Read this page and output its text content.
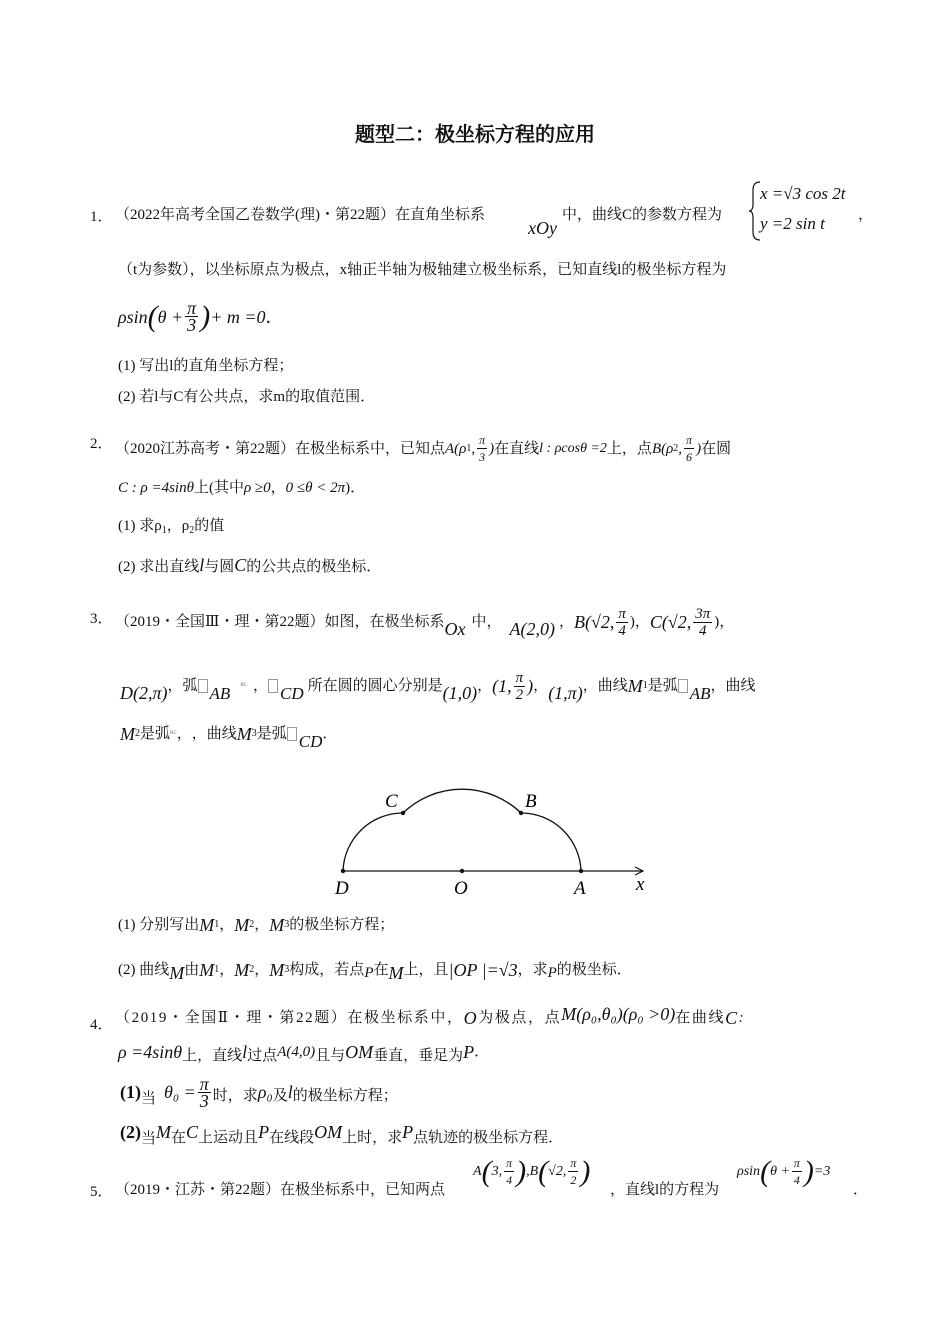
题型二：极坐标方程的应用
1． （2022年高考全国乙卷数学(理)・第22题）在直角坐标系
xOy
中，曲线C的参数方程为
x =√3 cos 2t
y =2 sin t ，
（t为参数），以坐标原点为极点，x轴正半轴为极轴建立极坐标系，已知直线l的极坐标方程为
ρsin ( $\theta + \frac{\pi}{3}$ ) + m =0 ．
(1) 写出l的直角坐标方程；
(2) 若l与C有公共点，求m的取值范围．
2． （2020江苏高考・第22题）在极坐标系中，已知点 A(ρ 1 , $\frac{\pi}{3}$ ) 在直线 l : ρcosθ =2 上，点 B(ρ 2 , $\frac{\pi}{6}$ ) 在圆
C : ρ =4sinθ 上(其中 ρ ≥0 ， 0 ≤θ < 2π )．
(1) 求$\rho_1$，$\rho_2$的值
(2) 求出直线l与圆C的公共点的极坐标．
3． （2019・全国Ⅲ・理・第22题）如图，在极坐标系 Ox 中， A(2,0) ， B(√2, $\frac{\pi}{4}$ )， C(√2, $\frac{3\pi}{4}$ )，
D(2,π) ，弧 AB BC ， CD 所在圆的圆心分别是 (1,0) ， (1, $\frac{\pi}{2}$ ) ， (1,π) ，曲线 M 1 是弧 AB ，曲线
M 2 是弧 BC ， ，曲线 M 3 是弧 CD ．
C	B
D	O	A	x
(1) 分别写出 M 1 ， M 2 ， M 3 的极坐标方程；
(2) 曲线 M 由 M 1 ， M 2 ， M 3 构成，若点 P 在 M 上，且 |OP |=√3 ，求 P 的极坐标．
4． （2019・全国Ⅱ・理・第22题）在极坐标系中， O 为极点，点 M(ρ₀,θ₀)(ρ₀ >0) 在曲线 C :
ρ =4sinθ 上，直线 l 过点 A(4,0) 且与 OM 垂直，垂足为 P ．
(1) 当 $\theta_0 = \frac{\pi}{3}$ 时，求 ρ₀ 及 l 的极坐标方程；
(2) 当 M 在 C 上运动且 P 在线段 OM 上时，求 P 点轨迹的极坐标方程．
5． （2019・江苏・第22题）在极坐标系中，已知两点
A ( 3, $\frac{\pi}{4}$ ) ,B ( √2, $\frac{\pi}{2}$ )
，直线l的方程为
ρsin ( $\theta + \frac{\pi}{4}$ ) =3
．
